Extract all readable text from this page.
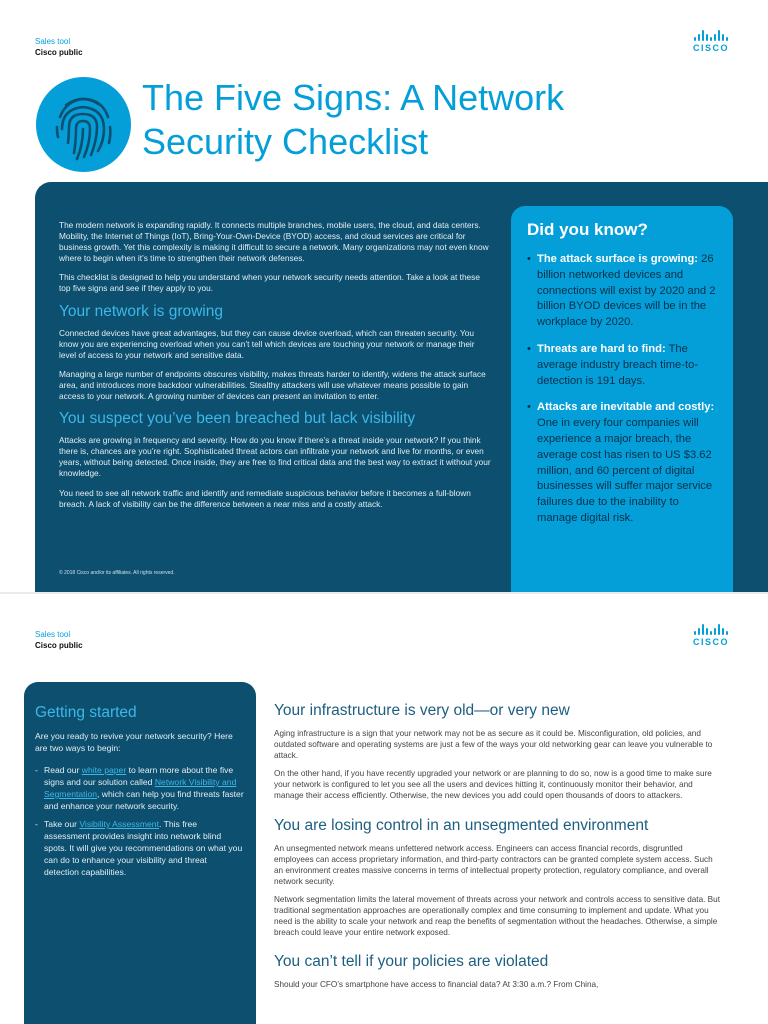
Sales tool
Cisco public	CISCO
The Five Signs: A Network
Security Checklist

The modern network is expanding rapidly. It connects multiple branches, mobile users, the cloud, and data centers. Mobility, the Internet of Things (IoT), Bring-Your-Own-Device (BYOD) access, and cloud services are critical for business growth. Yet this complexity is making it difficult to secure a network. Many organizations may not even know where to begin when it’s time to strengthen their network defenses.

This checklist is designed to help you understand when your network security needs attention. Take a look at these top five signs and see if they apply to you.

Your network is growing

Connected devices have great advantages, but they can cause device overload, which can threaten security. You know you are experiencing overload when you can’t tell which devices are touching your network or manage their level of access to your network and sensitive data.

Managing a large number of endpoints obscures visibility, makes threats harder to identify, widens the attack surface area, and introduces more backdoor vulnerabilities. Stealthy attackers will use whatever means possible to gain access to your network. A growing number of devices can present an invitation to enter.

You suspect you’ve been breached but lack visibility

Attacks are growing in frequency and severity. How do you know if there’s a threat inside your network? If you think there is, chances are you’re right. Sophisticated threat actors can infiltrate your network and live for months, or even years, without being detected. Once inside, they are free to find critical data and the best way to extract it without your knowledge.

You need to see all network traffic and identify and remediate suspicious behavior before it becomes a full-blown breach. A lack of visibility can be the difference between a near miss and a costly attack.

© 2018 Cisco and/or its affiliates. All rights reserved.
Did you know?
• The attack surface is growing: 26 billion networked devices and connections will exist by 2020 and 2 billion BYOD devices will be in the workplace by 2020.
• Threats are hard to find: The average industry breach time-to-detection is 191 days.
• Attacks are inevitable and costly: One in every four companies will experience a major breach, the average cost has risen to US $3.62 million, and 60 percent of digital businesses will suffer major service failures due to the inability to manage digital risk.
Sales tool
Cisco public	CISCO
Getting started

Are you ready to revive your network security? Here are two ways to begin:

- Read our white paper to learn more about the five signs and our solution called Network Visibility and Segmentation, which can help you find threats faster and enhance your network security.
- Take our Visibility Assessment. This free assessment provides insight into network blind spots. It will give you recommendations on what you can do to enhance your visibility and threat detection capabilities.
Your infrastructure is very old—or very new

Aging infrastructure is a sign that your network may not be as secure as it could be. Misconfiguration, old policies, and outdated software and operating systems are just a few of the ways your old networking gear can leave you vulnerable to attack.

On the other hand, if you have recently upgraded your network or are planning to do so, now is a good time to make sure your network is configured to let you see all the users and devices hitting it, continuously monitor their behavior, and manage their access efficiently. Otherwise, the new devices you add could open thousands of doors to attackers.

You are losing control in an unsegmented environment

An unsegmented network means unfettered network access. Engineers can access financial records, disgruntled employees can access proprietary information, and third-party contractors can be granted complete system access. Such an environment creates massive concerns in terms of intellectual property protection, regulatory compliance, and overall network security.

Network segmentation limits the lateral movement of threats across your network and controls access to sensitive data. But traditional segmentation approaches are operationally complex and time consuming to implement and update. What you need is the ability to scale your network and reap the benefits of segmentation without the headaches. Otherwise, a simple breach could leave your entire network exposed.

You can’t tell if your policies are violated

Should your CFO’s smartphone have access to financial data? At 3:30 a.m.? From China,
